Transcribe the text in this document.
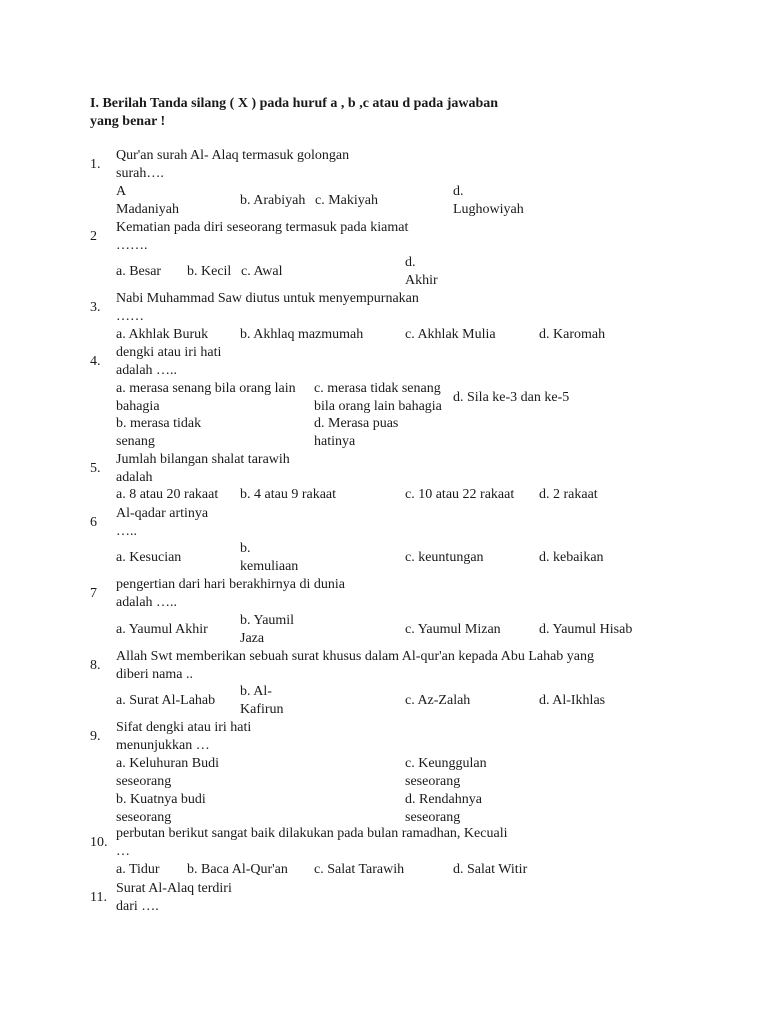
I. Berilah Tanda silang ( X ) pada huruf a , b ,c atau d pada jawaban
yang benar !
1.
Qur'an surah Al- Alaq termasuk golongan
surah….
A
Madaniyah
b. Arabiyah c. Makiyah
d.
Lughowiyah
2
Kematian pada diri seseorang termasuk pada kiamat
…….
a. Besar b. Kecil c. Awal
d.
Akhir
3.
Nabi Muhammad Saw diutus untuk menyempurnakan
……
a. Akhlak Buruk b. Akhlaq mazmumah	c. Akhlak Mulia	d. Karomah
4.
dengki atau iri hati
adalah …..
a. merasa senang bila orang lain
bahagia
c. merasa tidak senang
bila orang lain bahagia
d. Sila ke-3 dan ke-5
b. merasa tidak
senang
d. Merasa puas
hatinya
5.
Jumlah bilangan shalat tarawih
adalah
a. 8 atau 20 rakaat b. 4 atau 9 rakaat	c. 10 atau 22 rakaat d. 2 rakaat
6
Al-qadar artinya
…..
a. Kesucian
b.
kemuliaan
c. keuntungan	d. kebaikan
7
pengertian dari hari berakhirnya di dunia
adalah …..
a. Yaumul Akhir
b. Yaumil
Jaza
c. Yaumul Mizan	d. Yaumul Hisab
8.
Allah Swt memberikan sebuah surat khusus dalam Al-qur'an kepada Abu Lahab yang
diberi nama ..
a. Surat Al-Lahab
b. Al-
Kafirun
c. Az-Zalah	d. Al-Ikhlas
9.
Sifat dengki atau iri hati
menunjukkan …
a. Keluhuran Budi
seseorang
c. Keunggulan
seseorang
b. Kuatnya budi
seseorang
d. Rendahnya
seseorang
10.
perbutan berikut sangat baik dilakukan pada bulan ramadhan, Kecuali
…
a. Tidur b. Baca Al-Qur'an c. Salat Tarawih	d. Salat Witir
11.
Surat Al-Alaq terdiri
dari ….
